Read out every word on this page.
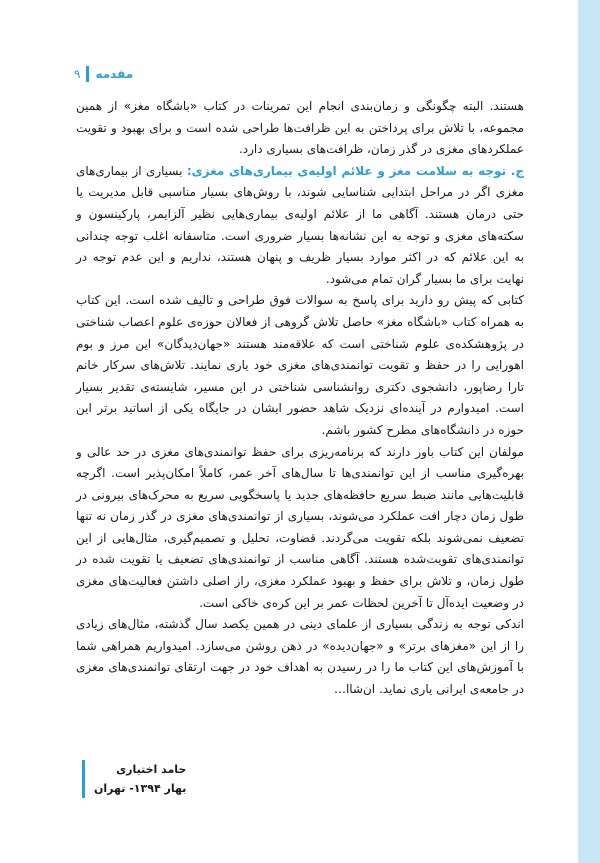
۹ مقدمه

هستند. البته چگونگی و زمان‌بندی انجام این تمرینات در کتاب «باشگاه مغز» از همین مجموعه، با تلاش برای پرداختن به این ظرافت‌ها طراحی شده است و برای بهبود و تقویت عملکردهای مغزی در گذر زمان، ظرافت‌های بسیاری دارد.

ج. توجه به سلامت مغز و علائم اولیه‌ی بیماری‌های مغزی: بسیاری از بیماری‌های مغزی اگر در مراحل ابتدایی شناسایی شوند، با روش‌های بسیار مناسبی قابل مدیریت یا حتی درمان هستند. آگاهی ما از علائم اولیه‌ی بیماری‌هایی نظیر آلزایمر، پارکینسون و سکته‌های مغزی و توجه به این نشانه‌ها بسیار ضروری است. متاسفانه اغلب توجه چندانی به این علائم که در اکثر موارد بسیار ظریف و پنهان هستند، نداریم و این عدم توجه در نهایت برای ما بسیار گران تمام می‌شود.

کتابی که پیش رو دارید برای پاسخ به سوالات فوق طراحی و تالیف شده است. این کتاب به همراه کتاب «باشگاه مغز» حاصل تلاش گروهی از فعالان حوزه‌ی علوم اعصاب شناختی در پژوهشکده‌ی علوم شناختی است که علاقه‌مند هستند «جهان‌دیدگان» این مرز و بوم اهورایی را در حفظ و تقویت توانمندی‌های مغزی خود یاری نمایند. تلاش‌های سرکار خانم تارا رضاپور، دانشجوی دکتری روانشناسی شناختی در این مسیر، شایسته‌ی تقدیر بسیار است. امیدوارم در آینده‌ای نزدیک شاهد حضور ایشان در جایگاه یکی از اساتید برتر این حوزه در دانشگاه‌های مطرح کشور باشم.

مولفان این کتاب باور دارند که برنامه‌ریزی برای حفظ توانمندی‌های مغزی در حد عالی و بهره‌گیری مناسب از این توانمندی‌ها تا سال‌های آخر عمر، کاملاً امکان‌پذیر است. اگرچه قابلیت‌هایی مانند ضبط سریع حافظه‌های جدید یا پاسخگویی سریع به محرک‌های بیرونی در طول زمان دچار افت عملکرد می‌شوند، بسیاری از توانمندی‌های مغزی در گذر زمان نه تنها تضعیف نمی‌شوند بلکه تقویت می‌گردند. قضاوت، تحلیل و تصمیم‌گیری، مثال‌هایی از این توانمندی‌های تقویت‌شده هستند. آگاهی مناسب از توانمندی‌های تضعیف یا تقویت شده در طول زمان، و تلاش برای حفظ و بهبود عملکرد مغزی، راز اصلی داشتن فعالیت‌های مغزی در وضعیت ایده‌آل تا آخرین لحظات عمر بر این کره‌ی خاکی است.

اندکی توجه به زندگی بسیاری از علمای دینی در همین یکصد سال گذشته، مثال‌های زیادی را از این «مغزهای برتر» و «جهان‌دیده» در ذهن روشن می‌سازد. امیدواریم همراهی شما با آموزش‌های این کتاب ما را در رسیدن به اهداف خود در جهت ارتقای توانمندی‌های مغزی در جامعه‌ی ایرانی یاری نماید. ان‌شاا…

حامد اختیاری
بهار ۱۳۹۴- تهران
